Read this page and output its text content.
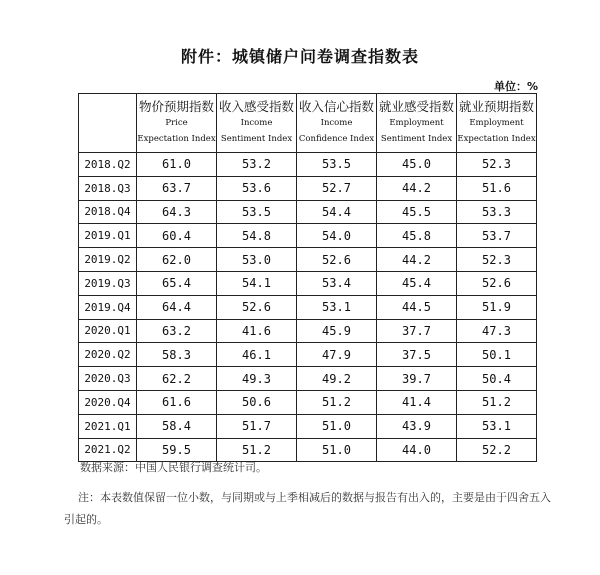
附件：城镇储户问卷调查指数表
单位：%

	物价预期指数
Price
Expectation Index	收入感受指数
Income
Sentiment Index	收入信心指数
Income
Confidence Index	就业感受指数
Employment
Sentiment Index	就业预期指数
Employment
Expectation Index

2018.Q2	61.0	53.2	53.5	45.0	52.3
2018.Q3	63.7	53.6	52.7	44.2	51.6
2018.Q4	64.3	53.5	54.4	45.5	53.3
2019.Q1	60.4	54.8	54.0	45.8	53.7
2019.Q2	62.0	53.0	52.6	44.2	52.3
2019.Q3	65.4	54.1	53.4	45.4	52.6
2019.Q4	64.4	52.6	53.1	44.5	51.9
2020.Q1	63.2	41.6	45.9	37.7	47.3
2020.Q2	58.3	46.1	47.9	37.5	50.1
2020.Q3	62.2	49.3	49.2	39.7	50.4
2020.Q4	61.6	50.6	51.2	41.4	51.2
2021.Q1	58.4	51.7	51.0	43.9	53.1
2021.Q2	59.5	51.2	51.0	44.0	52.2
数据来源：中国人民银行调查统计司。
注：本表数值保留一位小数，与同期或与上季相减后的数据与报告有出入的，主要是由于四舍五入引起的。
